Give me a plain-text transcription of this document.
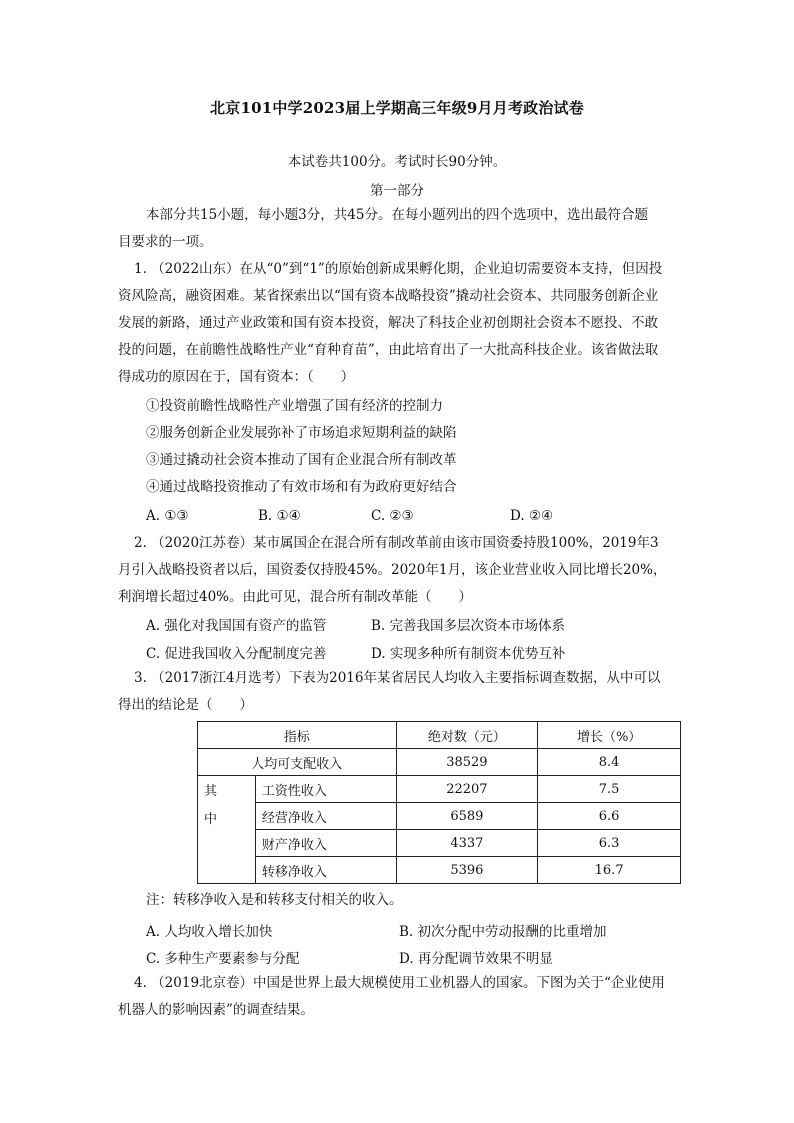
北京101中学2023届上学期高三年级9月月考政治试卷
本试卷共100分。考试时长90分钟。
第一部分
本部分共15小题，每小题3分，共45分。在每小题列出的四个选项中，选出最符合题
目要求的一项。
1. （2022山东）在从“0”到“1”的原始创新成果孵化期，企业迫切需要资本支持，但因投
资风险高，融资困难。某省探索出以“国有资本战略投资”撬动社会资本、共同服务创新企业
发展的新路，通过产业政策和国有资本投资，解决了科技企业初创期社会资本不愿投、不敢
投的问题，在前瞻性战略性产业“育种育苗”，由此培育出了一大批高科技企业。该省做法取
得成功的原因在于，国有资本：（　　）
①投资前瞻性战略性产业增强了国有经济的控制力
②服务创新企业发展弥补了市场追求短期利益的缺陷
③通过撬动社会资本推动了国有企业混合所有制改革
④通过战略投资推动了有效市场和有为政府更好结合
A. ①③	B. ①④	C. ②③	D. ②④
2. （2020江苏卷）某市属国企在混合所有制改革前由该市国资委持股100%，2019年3
月引入战略投资者以后，国资委仅持股45%。2020年1月，该企业营业收入同比增长20%，
利润增长超过40%。由此可见，混合所有制改革能（　　）
A. 强化对我国国有资产的监管	B. 完善我国多层次资本市场体系
C. 促进我国收入分配制度完善	D. 实现多种所有制资本优势互补
3. （2017浙江4月选考）下表为2016年某省居民人均收入主要指标调查数据，从中可以
得出的结论是（　　）
指标		绝对数（元）	增长（%）
人均可支配收入		38529	8.4

其
中	工资性收入	22207	7.5
	经营净收入	6589	6.6
	财产净收入	4337	6.3
	转移净收入	5396	16.7
注：转移净收入是和转移支付相关的收入。
A. 人均收入增长加快	B. 初次分配中劳动报酬的比重增加
C. 多种生产要素参与分配	D. 再分配调节效果不明显
4. （2019北京卷）中国是世界上最大规模使用工业机器人的国家。下图为关于“企业使用
机器人的影响因素”的调查结果。
